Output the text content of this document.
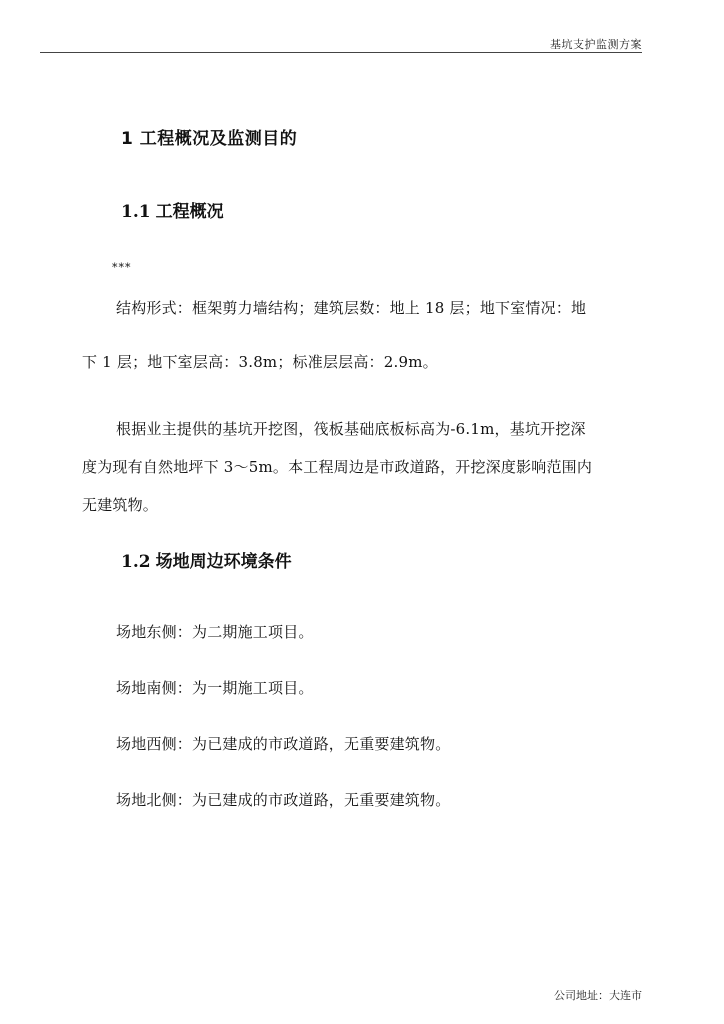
基坑支护监测方案
1 工程概况及监测目的
1.1 工程概况
***
结构形式：框架剪力墙结构；建筑层数：地上 18 层；地下室情况：地
下 1 层；地下室层高：3.8m；标准层层高：2.9m。
根据业主提供的基坑开挖图，筏板基础底板标高为-6.1m，基坑开挖深
度为现有自然地坪下 3～5m。本工程周边是市政道路，开挖深度影响范围内
无建筑物。
1.2 场地周边环境条件
场地东侧：为二期施工项目。
场地南侧：为一期施工项目。
场地西侧：为已建成的市政道路，无重要建筑物。
场地北侧：为已建成的市政道路，无重要建筑物。
公司地址：大连市
